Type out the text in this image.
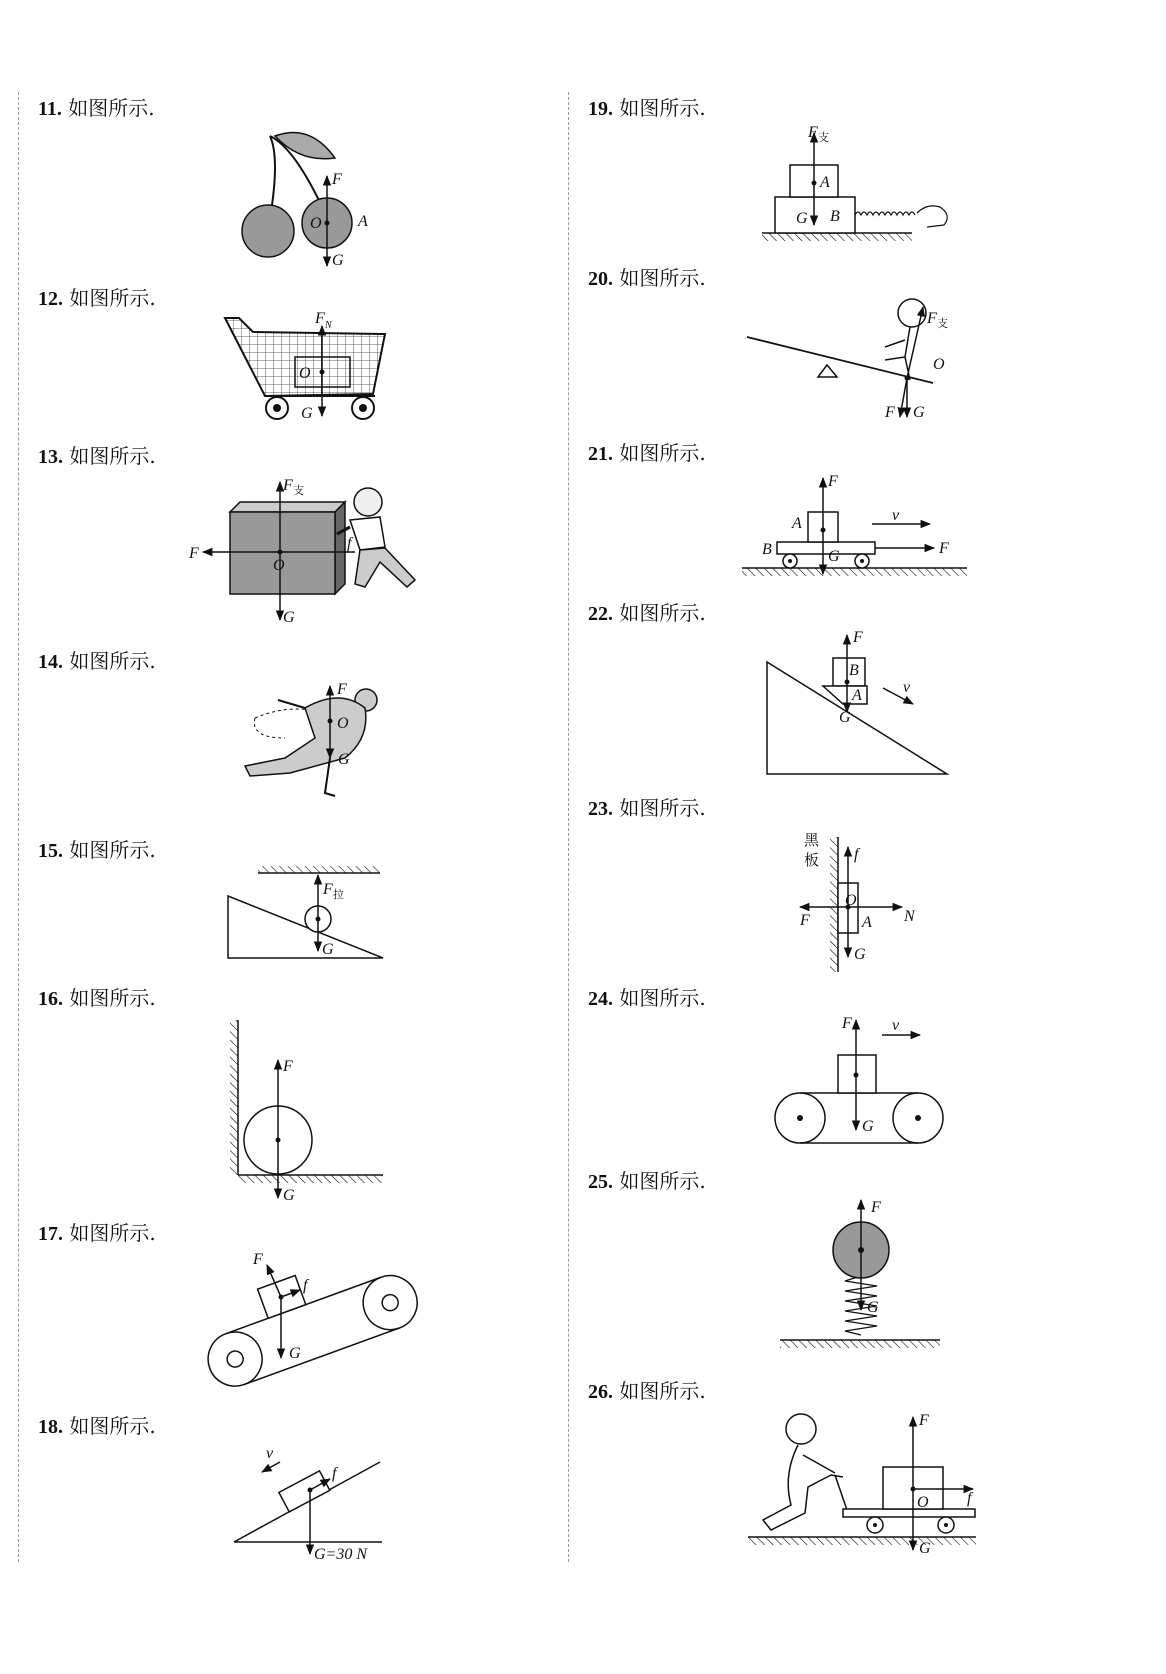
11. 如图所示.
F
O A
G
12. 如图所示.
F N
O
G
13. 如图所示.
F 支
F
O
f
G
14. 如图所示.
F
O
G
15. 如图所示.
F 拉
G
16. 如图所示.
F
G
17. 如图所示.
F
f
G
18. 如图所示.
v
f
G=30 N
19. 如图所示.
F 支
A
B
G
20. 如图所示.
F 支
O
F G
21. 如图所示.
F
A
B
v
F
G
22. 如图所示.
F
B
A	v
G
23. 如图所示.
黑
板 f
O
F	A N
G
24. 如图所示.
F	v
G
25. 如图所示.
F
G
26. 如图所示.
F
O f
G
